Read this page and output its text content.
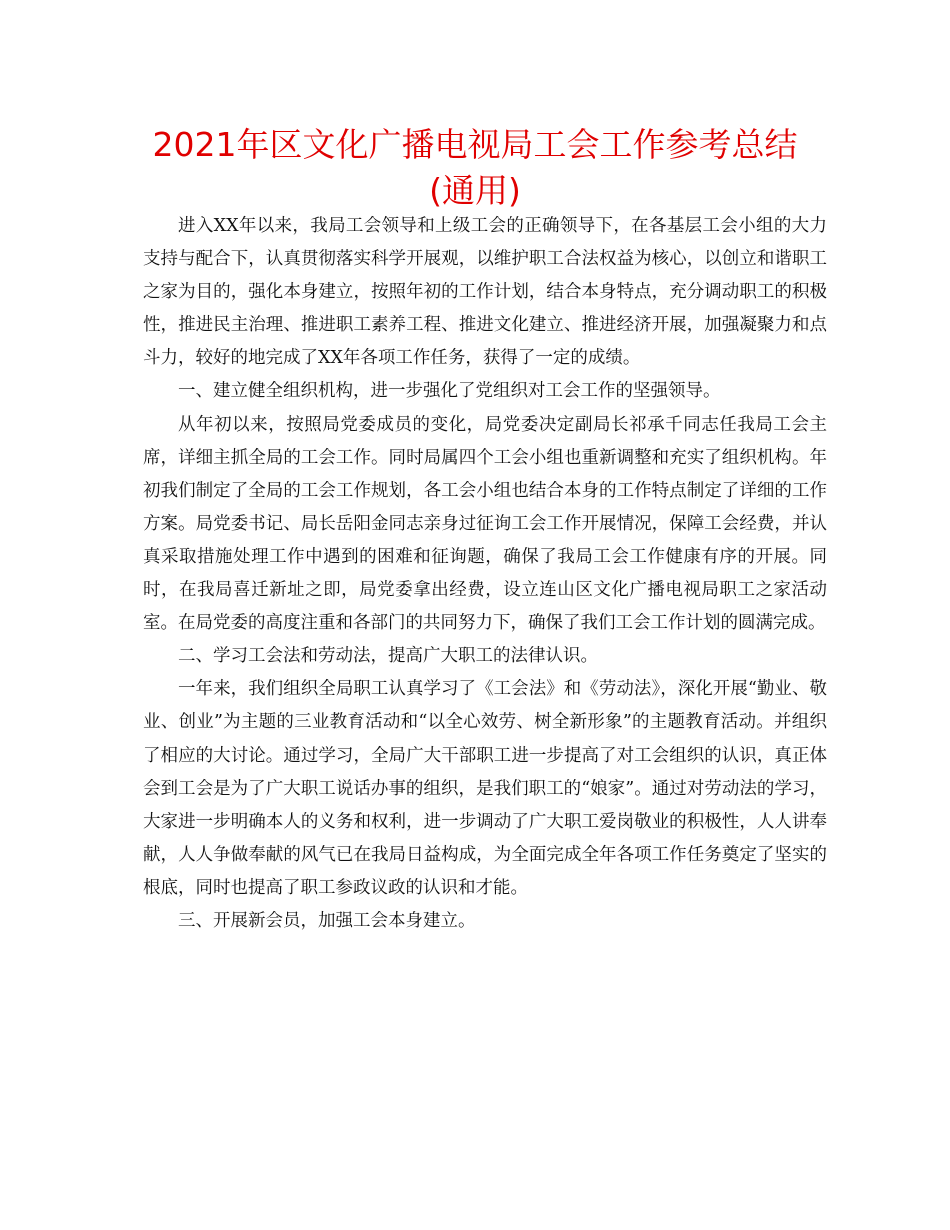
2021年区文化广播电视局工会工作参考总结
(通用)

进入XX年以来，我局工会领导和上级工会的正确领导下，在各基层工会小组的大力支持与配合下，认真贯彻落实科学开展观，以维护职工合法权益为核心，以创立和谐职工之家为目的，强化本身建立，按照年初的工作计划，结合本身特点，充分调动职工的积极性，推进民主治理、推进职工素养工程、推进文化建立、推进经济开展，加强凝聚力和点斗力，较好的地完成了XX年各项工作任务，获得了一定的成绩。

一、建立健全组织机构，进一步强化了党组织对工会工作的坚强领导。

从年初以来，按照局党委成员的变化，局党委决定副局长祁承千同志任我局工会主席，详细主抓全局的工会工作。同时局属四个工会小组也重新调整和充实了组织机构。年初我们制定了全局的工会工作规划，各工会小组也结合本身的工作特点制定了详细的工作方案。局党委书记、局长岳阳金同志亲身过征询工会工作开展情况，保障工会经费，并认真采取措施处理工作中遇到的困难和征询题，确保了我局工会工作健康有序的开展。同时，在我局喜迁新址之即，局党委拿出经费，设立连山区文化广播电视局职工之家活动室。在局党委的高度注重和各部门的共同努力下，确保了我们工会工作计划的圆满完成。

二、学习工会法和劳动法，提高广大职工的法律认识。

一年来，我们组织全局职工认真学习了《工会法》和《劳动法》，深化开展“勤业、敬业、创业”为主题的三业教育活动和“以全心效劳、树全新形象”的主题教育活动。并组织了相应的大讨论。通过学习，全局广大干部职工进一步提高了对工会组织的认识，真正体会到工会是为了广大职工说话办事的组织，是我们职工的“娘家”。通过对劳动法的学习，大家进一步明确本人的义务和权利，进一步调动了广大职工爱岗敬业的积极性，人人讲奉献，人人争做奉献的风气已在我局日益构成，为全面完成全年各项工作任务奠定了坚实的根底，同时也提高了职工参政议政的认识和才能。

三、开展新会员，加强工会本身建立。
